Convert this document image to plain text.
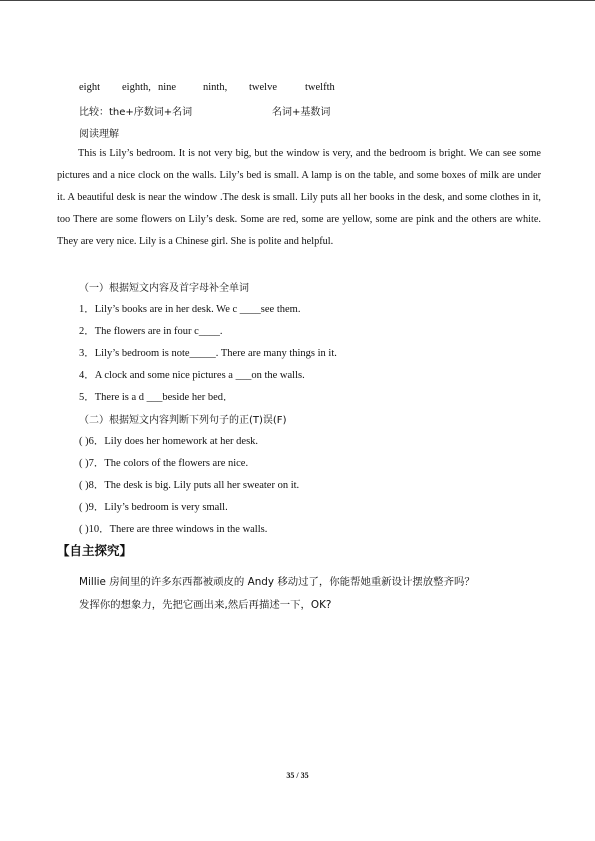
eight eighth, nine	ninth, twelve	twelfth
比较：the+序数词+名词	名词+基数词
阅读理解
This is Lily’s bedroom. It is not very big, but the window is very, and the bedroom is bright. We can see some pictures and a nice clock on the walls. Lily’s bed is small. A lamp is on the table, and some boxes of milk are under it. A beautiful desk is near the window .The desk is small. Lily puts all her books in the desk, and some clothes in it, too There are some flowers on Lily’s desk. Some are red, some are yellow, some are pink and the others are white. They are very nice. Lily is a Chinese girl. She is polite and helpful.
（一）根据短文内容及首字母补全单词
1．Lily’s books are in her desk. We c ____see them.
2．The flowers are in four c____.
3．Lily’s bedroom is note_____. There are many things in it.
4．A clock and some nice pictures a ___on the walls.
5．There is a d ___beside her bed．
（二）根据短文内容判断下列句子的正(T)误(F)
( )6．Lily does her homework at her desk.
( )7．The colors of the flowers are nice.
( )8．The desk is big. Lily puts all her sweater on it.
( )9．Lily’s bedroom is very small.
( )10．There are three windows in the walls.
【自主探究】
Millie 房间里的许多东西都被顽皮的 Andy 移动过了，你能帮她重新设计摆放整齐吗？
发挥你的想象力，先把它画出来,然后再描述一下，OK?
35 / 35
